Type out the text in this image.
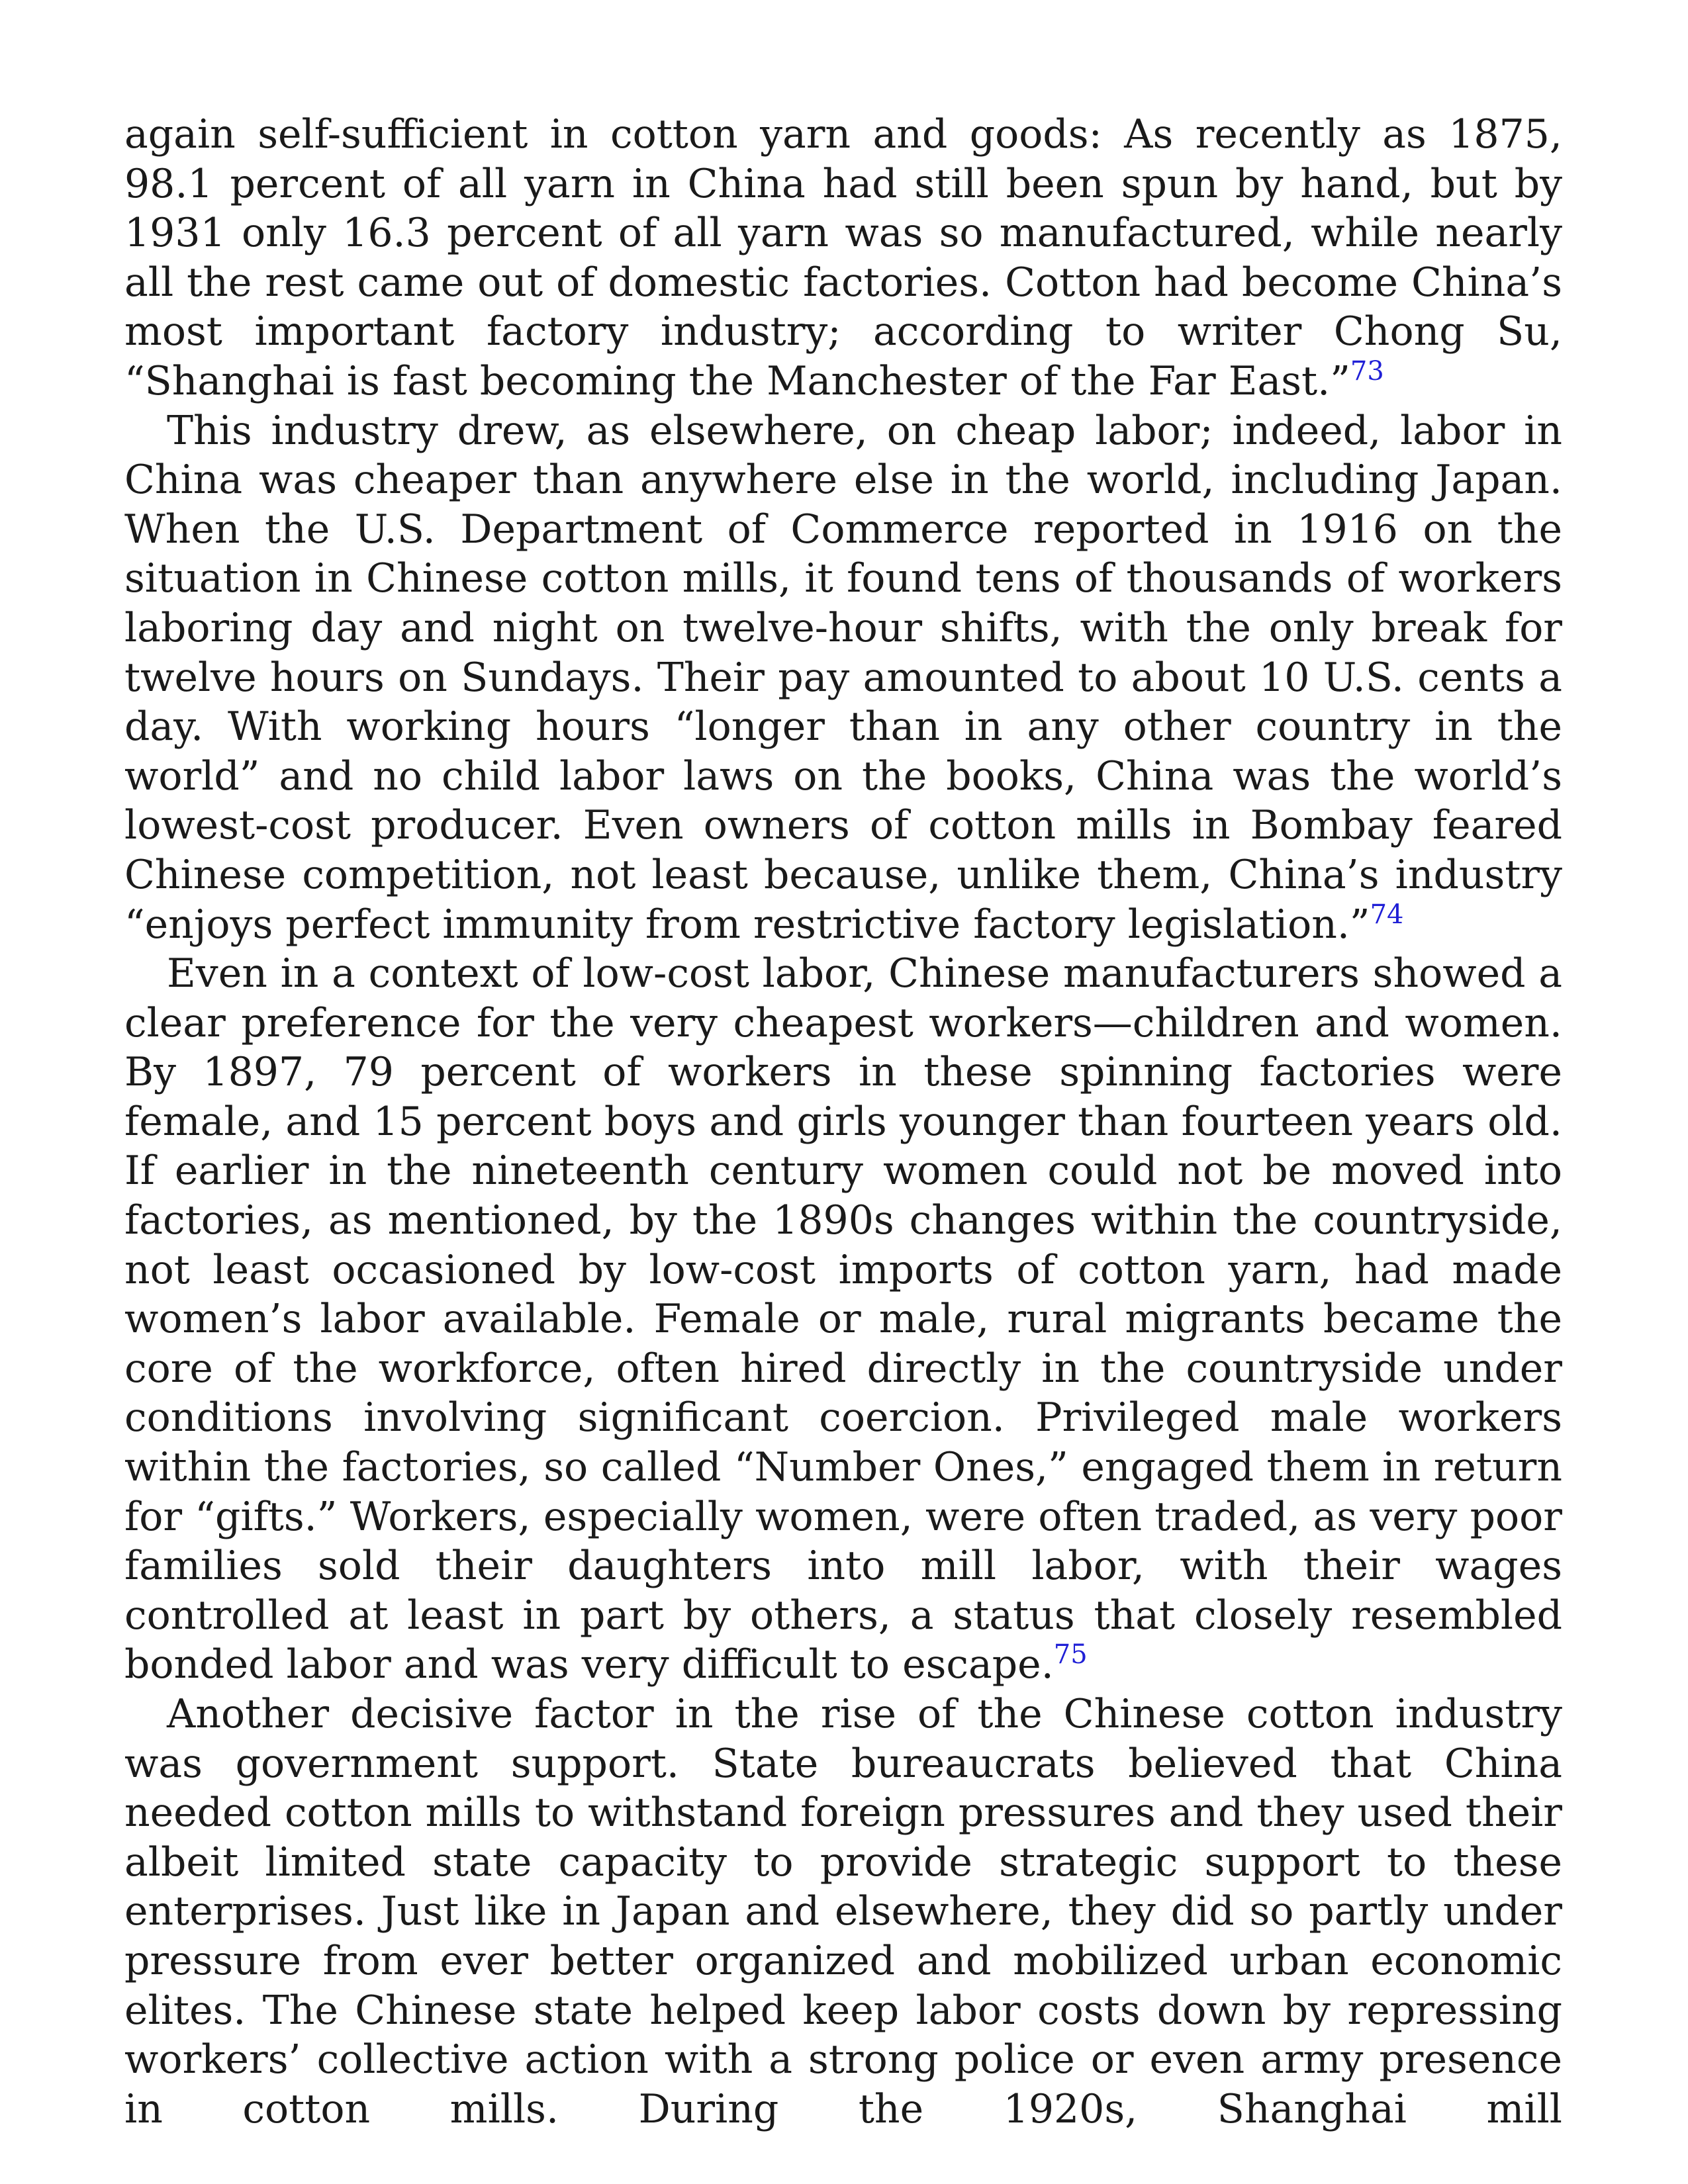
again self-sufficient in cotton yarn and goods: As recently as 1875, 98.1 percent of all yarn in China had still been spun by hand, but by 1931 only 16.3 percent of all yarn was so manufactured, while nearly all the rest came out of domestic factories. Cotton had become China’s most important factory industry; according to writer Chong Su, “Shanghai is fast becoming the Manchester of the Far East.”$^{73}$

This industry drew, as elsewhere, on cheap labor; indeed, labor in China was cheaper than anywhere else in the world, including Japan. When the U.S. Department of Commerce reported in 1916 on the situation in Chinese cotton mills, it found tens of thousands of workers laboring day and night on twelve-hour shifts, with the only break for twelve hours on Sundays. Their pay amounted to about 10 U.S. cents a day. With working hours “longer than in any other country in the world” and no child labor laws on the books, China was the world’s lowest-cost producer. Even owners of cotton mills in Bombay feared Chinese competition, not least because, unlike them, China’s industry “enjoys perfect immunity from restrictive factory legislation.”$^{74}$

Even in a context of low-cost labor, Chinese manufacturers showed a clear preference for the very cheapest workers—children and women. By 1897, 79 percent of workers in these spinning factories were female, and 15 percent boys and girls younger than fourteen years old. If earlier in the nineteenth century women could not be moved into factories, as mentioned, by the 1890s changes within the countryside, not least occasioned by low-cost imports of cotton yarn, had made women’s labor available. Female or male, rural migrants became the core of the workforce, often hired directly in the countryside under conditions involving significant coercion. Privileged male workers within the factories, so called “Number Ones,” engaged them in return for “gifts.” Workers, especially women, were often traded, as very poor families sold their daughters into mill labor, with their wages controlled at least in part by others, a status that closely resembled bonded labor and was very difficult to escape.$^{75}$

Another decisive factor in the rise of the Chinese cotton industry was government support. State bureaucrats believed that China needed cotton mills to withstand foreign pressures and they used their albeit limited state capacity to provide strategic support to these enterprises. Just like in Japan and elsewhere, they did so partly under pressure from ever better organized and mobilized urban economic elites. The Chinese state helped keep labor costs down by repressing workers’ collective action with a strong police or even army presence in cotton mills. During the 1920s, Shanghai mill
